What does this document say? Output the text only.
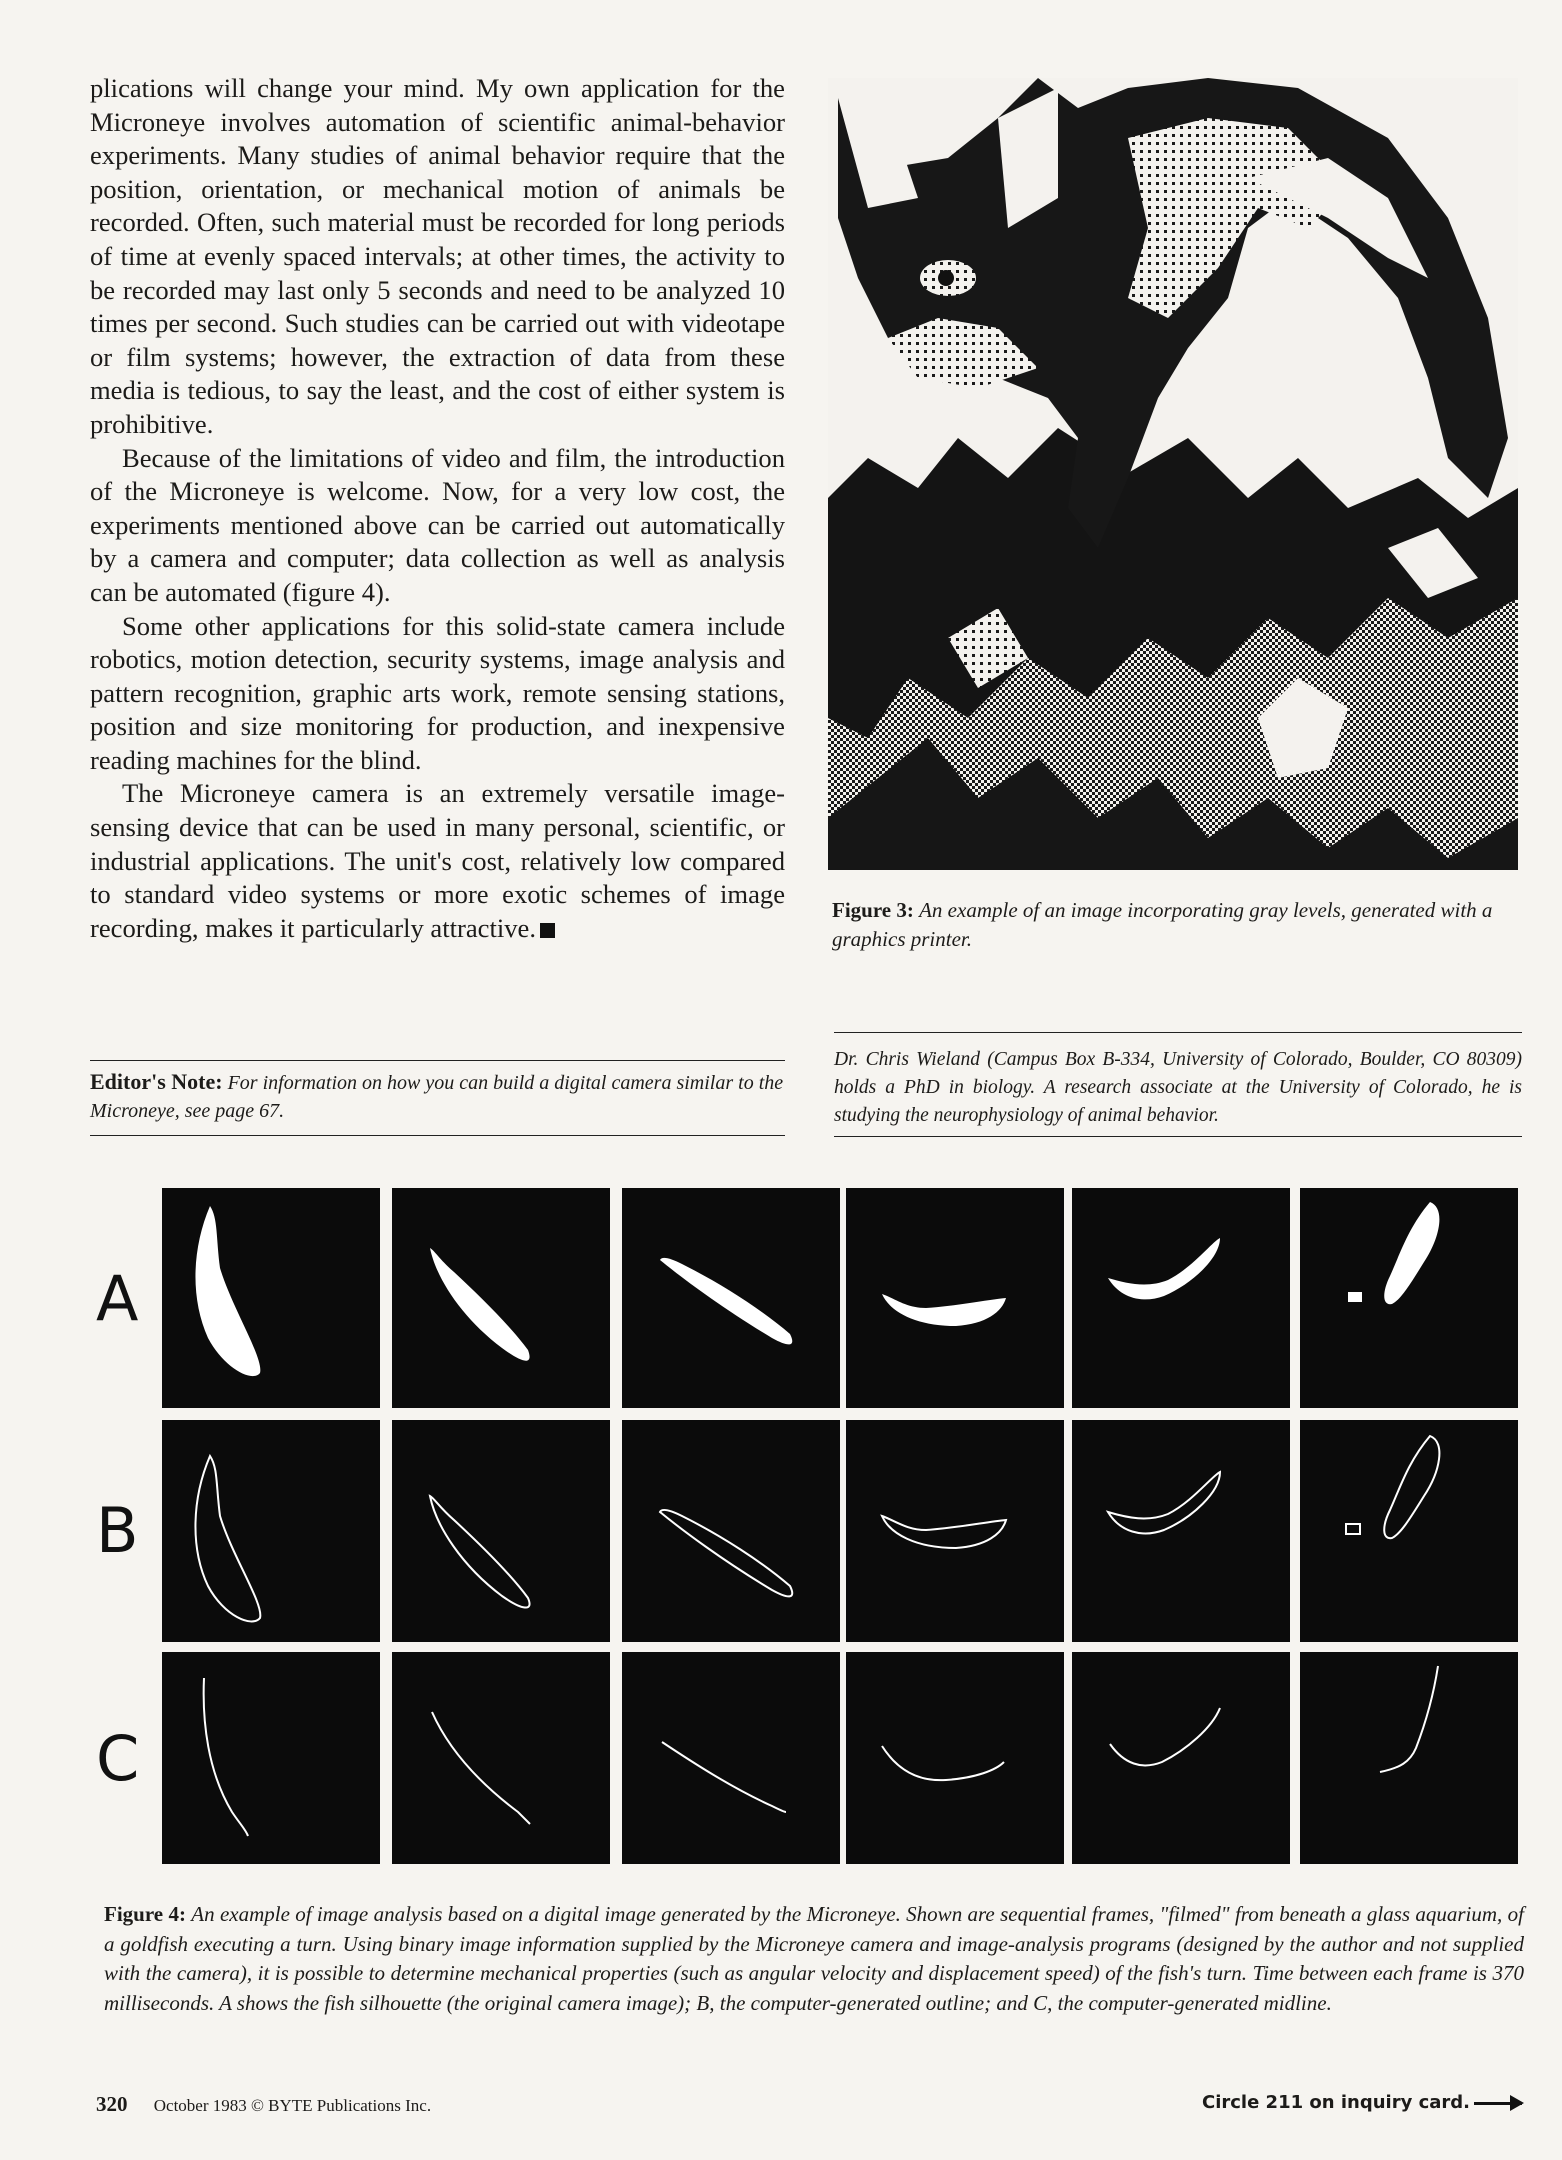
plications will change your mind. My own application for the Microneye involves automation of scientific animal-behavior experiments. Many studies of animal behavior require that the position, orientation, or mechanical motion of animals be recorded. Often, such material must be recorded for long periods of time at evenly spaced intervals; at other times, the activity to be recorded may last only 5 seconds and need to be analyzed 10 times per second. Such studies can be carried out with videotape or film systems; however, the extraction of data from these media is tedious, to say the least, and the cost of either system is prohibitive.

Because of the limitations of video and film, the introduction of the Microneye is welcome. Now, for a very low cost, the experiments mentioned above can be carried out automatically by a camera and computer; data collection as well as analysis can be automated (figure 4).

Some other applications for this solid-state camera include robotics, motion detection, security systems, image analysis and pattern recognition, graphic arts work, remote sensing stations, position and size monitoring for production, and inexpensive reading machines for the blind.

The Microneye camera is an extremely versatile image-sensing device that can be used in many personal, scientific, or industrial applications. The unit's cost, relatively low compared to standard video systems or more exotic schemes of image recording, makes it particularly attractive.

Editor's Note: For information on how you can build a digital camera similar to the Microneye, see page 67.
Figure 3: An example of an image incorporating gray levels, generated with a graphics printer.
Dr. Chris Wieland (Campus Box B-334, University of Colorado, Boulder, CO 80309) holds a PhD in biology. A research associate at the University of Colorado, he is studying the neurophysiology of animal behavior.
A
B
C
Figure 4: An example of image analysis based on a digital image generated by the Microneye. Shown are sequential frames, "filmed" from beneath a glass aquarium, of a goldfish executing a turn. Using binary image information supplied by the Microneye camera and image-analysis programs (designed by the author and not supplied with the camera), it is possible to determine mechanical properties (such as angular velocity and displacement speed) of the fish's turn. Time between each frame is 370 milliseconds. A shows the fish silhouette (the original camera image); B, the computer-generated outline; and C, the computer-generated midline.
320 October 1983 © BYTE Publications Inc.	Circle 211 on inquiry card.
